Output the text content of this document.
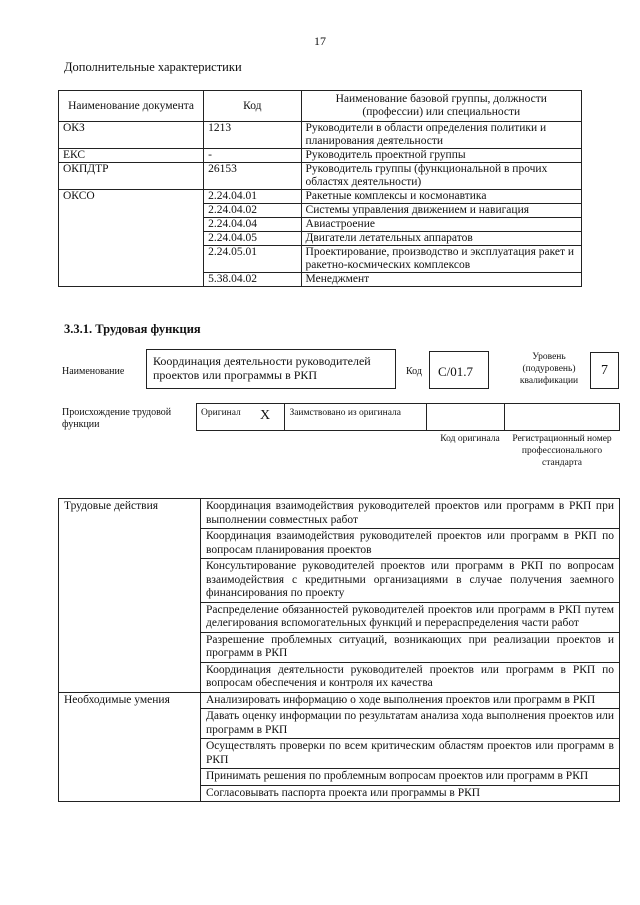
17
Дополнительные характеристики
Наименование документа	Код	Наименование базовой группы, должности (профессии) или специальности
ОКЗ	1213	Руководители в области определения политики и планирования деятельности
ЕКС	-	Руководитель проектной группы
ОКПДТР	26153	Руководитель группы (функциональной в прочих областях деятельности)
ОКСО	2.24.04.01	Ракетные комплексы и космонавтика
	2.24.04.02	Системы управления движением и навигация
	2.24.04.04	Авиастроение
	2.24.04.05	Двигатели летательных аппаратов
	2.24.05.01	Проектирование, производство и эксплуатация ракет и ракетно-космических комплексов
	5.38.04.02	Менеджмент
3.3.1. Трудовая функция
Наименование
Координация деятельности руководителей проектов или программы в РКП	Код	С/01.7
Уровень (подуровень) квалификации
7
Происхождение трудовой функции
Оригинал	X	Заимствовано из оригинала		
Код оригинала Регистрационный номер профессионального стандарта
Трудовые действия	Координация взаимодействия руководителей проектов или программ в РКП при выполнении совместных работ
	Координация взаимодействия руководителей проектов или программ в РКП по вопросам планирования проектов
	Консультирование руководителей проектов или программ в РКП по вопросам взаимодействия с кредитными организациями в случае получения заемного финансирования по проекту
	Распределение обязанностей руководителей проектов или программ в РКП путем делегирования вспомогательных функций и перераспределения части работ
	Разрешение проблемных ситуаций, возникающих при реализации проектов и программ в РКП
	Координация деятельности руководителей проектов или программ в РКП по вопросам обеспечения и контроля их качества
Необходимые умения	Анализировать информацию о ходе выполнения проектов или программ в РКП
	Давать оценку информации по результатам анализа хода выполнения проектов или программ в РКП
	Осуществлять проверки по всем критическим областям проектов или программ в РКП
	Принимать решения по проблемным вопросам проектов или программ в РКП
	Согласовывать паспорта проекта или программы в РКП
